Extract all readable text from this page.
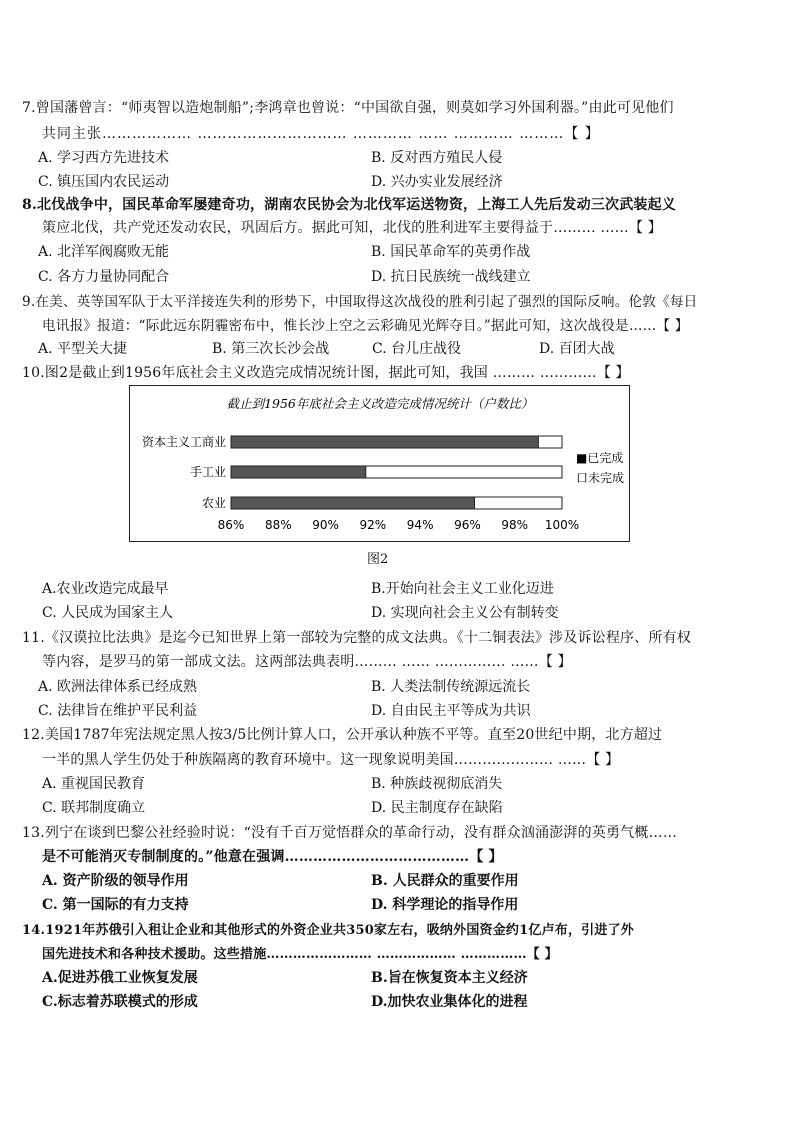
7.曾国藩曾言：“师夷智以造炮制船”;李鸿章也曾说：“中国欲自强，则莫如学习外国利器。”由此可见他们
共同主张……………… ………………………… ………… …… ………… ………【 】
A. 学习西方先进技术	B. 反对西方殖民人侵
C. 镇压国内农民运动	D. 兴办实业发展经济
8.北伐战争中，国民革命军屡建奇功，湖南农民协会为北伐军运送物资，上海工人先后发动三次武装起义
策应北伐，共产党还发动农民，巩固后方。据此可知，北伐的胜利进军主要得益于……… ……【 】
A. 北洋军阀腐败无能	B. 国民革命军的英勇作战
C. 各方力量协同配合	D. 抗日民族统一战线建立
9.在美、英等国军队于太平洋接连失利的形势下，中国取得这次战役的胜利引起了强烈的国际反响。伦敦《每日
电讯报》报道：“际此远东阴霾密布中，惟长沙上空之云彩确见光辉夺目。”据此可知，这次战役是……【 】
A. 平型关大捷	B. 第三次长沙会战	C. 台儿庄战役	D. 百团大战
10.图2是截止到1956年底社会主义改造完成情况统计图，据此可知，我国 ……… …………【 】
截止到1956年底社会主义改造完成情况统计（户数比）
资本主义工商业
手工业
农业
86% 88% 90% 92% 94% 96% 98% 100%
■已完成
口未完成
图2
A.农业改造完成最早	B.开始向社会主义工业化迈进
C. 人民成为国家主人	D. 实现向社会主义公有制转变
11.《汉谟拉比法典》是迄今已知世界上第一部较为完整的成文法典。《十二铜表法》涉及诉讼程序、所有权
等内容，是罗马的第一部成文法。这两部法典表明……… …… …………… ……【 】
A. 欧洲法律体系已经成熟	B. 人类法制传统源远流长
C. 法律旨在维护平民利益	D. 自由民主平等成为共识
12.美国1787年宪法规定黑人按3/5比例计算人口，公开承认种族不平等。直至20世纪中期，北方超过
一半的黑人学生仍处于种族隔离的教育环境中。这一现象说明美国………………… ……【 】
A. 重视国民教育	B. 种族歧视彻底消失
C. 联邦制度确立	D. 民主制度存在缺陷
13.列宁在谈到巴黎公社经验时说：“没有千百万觉悟群众的革命行动，没有群众汹涌澎湃的英勇气概……
是不可能消灭专制制度的。”他意在强调…………………………………【 】
A. 资产阶级的领导作用	B. 人民群众的重要作用
C. 第一国际的有力支持	D. 科学理论的指导作用
14.1921年苏俄引入租让企业和其他形式的外资企业共350家左右，吸纳外国资金约1亿卢布，引进了外
国先进技术和各种技术援助。这些措施…………………… ……………… ……………【 】
A.促进苏俄工业恢复发展	B.旨在恢复资本主义经济
C.标志着苏联模式的形成	D.加快农业集体化的进程
